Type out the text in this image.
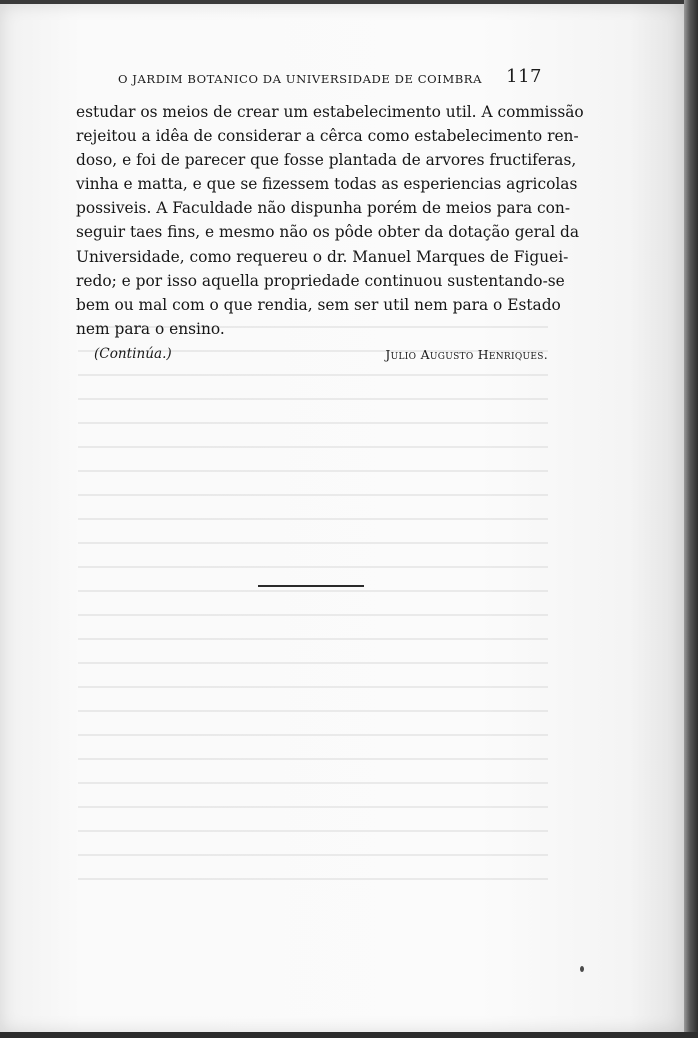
O JARDIM BOTANICO DA UNIVERSIDADE DE COIMBRA 117
estudar os meios de crear um estabelecimento util. A commissão
rejeitou a idêa de considerar a cêrca como estabelecimento ren-
doso, e foi de parecer que fosse plantada de arvores fructiferas,
vinha e matta, e que se fizessem todas as esperiencias agricolas
possiveis. A Faculdade não dispunha porém de meios para con-
seguir taes fins, e mesmo não os pôde obter da dotação geral da
Universidade, como requereu o dr. Manuel Marques de Figuei-
redo; e por isso aquella propriedade continuou sustentando-se
bem ou mal com o que rendia, sem ser util nem para o Estado
nem para o ensino.
(Continúa.)	Julio Augusto Henriques.
